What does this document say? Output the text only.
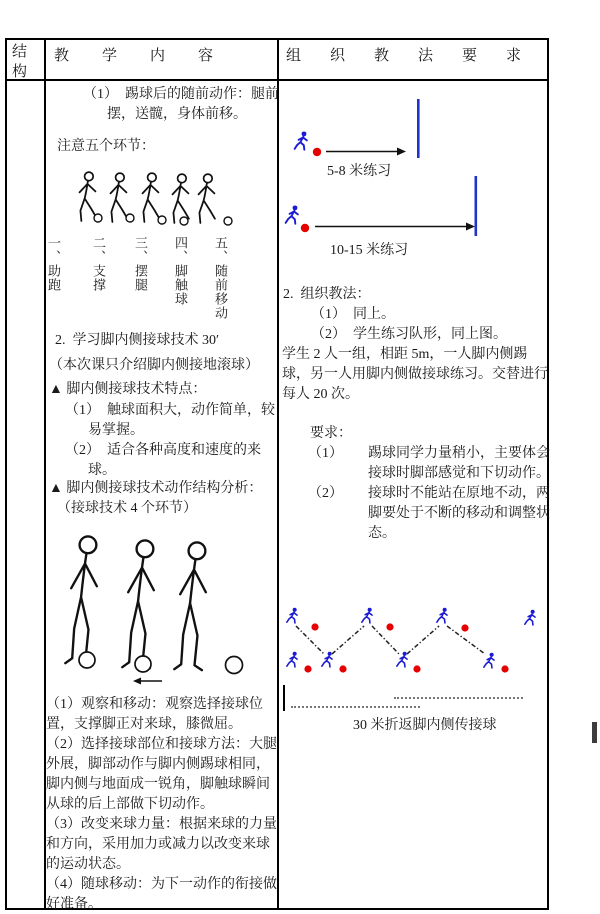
结构
教学内容	组织教法要求
（1）  踢球后的随前动作：腿前
摆，送髋，身体前移。
注意五个环节：
一、助跑 二、支撑 三、摆腿 四、脚触球 五、随前移动
2.  学习脚内侧接球技术 30′
（本次课只介绍脚内侧接地滚球）
▲ 脚内侧接球技术特点：
（1）  触球面积大，动作简单，较
易掌握。
（2）  适合各种高度和速度的来
球。
▲ 脚内侧接球技术动作结构分析：
（接球技术 4 个环节）
（1）观察和移动：观察选择接球位置，支撑脚正对来球，膝微屈。
（2）选择接球部位和接球方法：大腿外展，脚部动作与脚内侧踢球相同，脚内侧与地面成一锐角，脚触球瞬间从球的后上部做下切动作。
（3）改变来球力量：根据来球的力量和方向，采用加力或减力以改变来球的运动状态。
（4）随球移动：为下一动作的衔接做好准备。
5-8 米练习
10-15 米练习
2.  组织教法：
（1）  同上。
（2）  学生练习队形，同上图。
学生 2 人一组，相距 5m，一人脚内侧踢球，另一人用脚内侧做接球练习。交替进行每人 20 次。
要求：
（1） 踢球同学力量稍小，主要体会接球时脚部感觉和下切动作。
（2） 接球时不能站在原地不动，两脚要处于不断的移动和调整状态。
30 米折返脚内侧传接球
